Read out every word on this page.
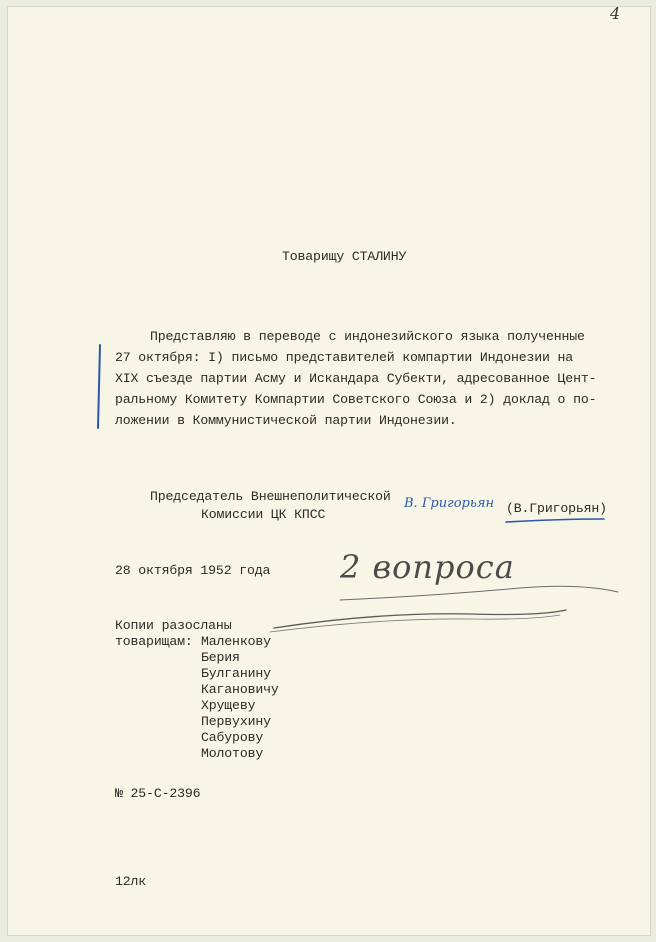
4
Товарищу СТАЛИНУ
Представляю в переводе с индонезийского языка полученные
27 октября: I) письмо представителей компартии Индонезии на
XIX съезде партии Асму и Искандара Субекти, адресованное Цент-
ральному Комитету Компартии Советского Союза и 2) доклад о по-
ложении в Коммунистической партии Индонезии.
Председатель Внешнеполитической
Комиссии ЦК КПСС
В. Григорьян (В.Григорьян)
28 октября 1952 года 2 вопроса
Копии разосланы
товарищам: Маленкову
Берия
Булганину
Кагановичу
Хрущеву
Первухину
Сабурову
Молотову
№ 25-С-2396
12лк
